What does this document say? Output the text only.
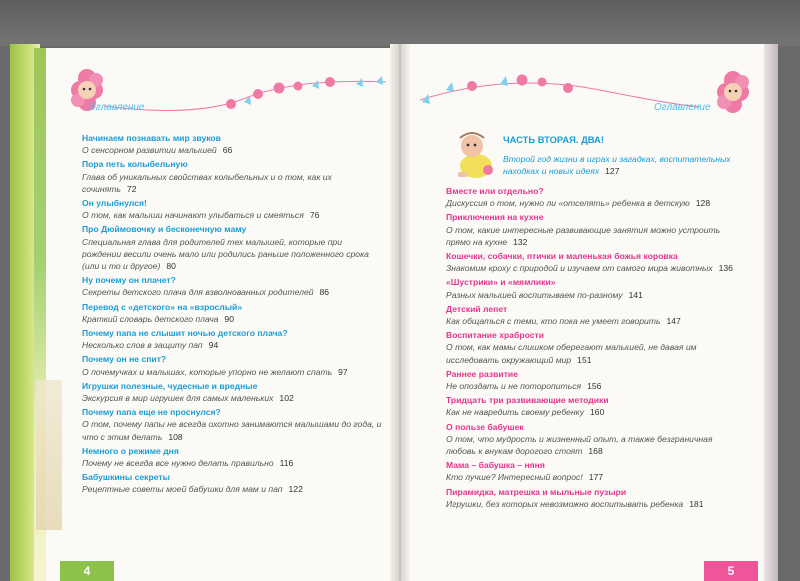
Оглавление	Оглавление
Начинаем познавать мир звуков
О сенсорном развитии малышей 66
Пора петь колыбельную
Глава об уникальных свойствах колыбельных и о том, как их сочинять 72
Он улыбнулся!
О том, как малыши начинают улыбаться и смеяться 76
Про Дюймовочку и бесконечную маму
Специальная глава для родителей тех малышей, которые при рождении весили очень мало или родились раньше положенного срока (или и то и другое) 80
Ну почему он плачет?
Секреты детского плача для взволнованных родителей 86
Перевод с «детского» на «взрослый»
Краткий словарь детского плача 90
Почему папа не слышит ночью детского плача?
Несколько слов в защиту пап 94
Почему он не спит?
О почемучках и малышах, которые упорно не желают спать 97
Игрушки полезные, чудесные и вредные
Экскурсия в мир игрушек для самых маленьких 102
Почему папа еще не проснулся?
О том, почему папы не всегда охотно занимаются малышами до года, и что с этим делать 108
Немного о режиме дня
Почему не всегда все нужно делать правильно 116
Бабушкины секреты
Рецептные советы моей бабушки для мам и пап 122
ЧАСТЬ ВТОРАЯ. ДВА!
Второй год жизни в играх и загадках, воспитательных находках и новых идеях 127
Вместе или отдельно?
Дискуссия о том, нужно ли «отселять» ребенка в детскую 128
Приключения на кухне
О том, какие интересные развивающие занятия можно устроить прямо на кухне 132
Кошечки, собачки, птички и маленькая божья коровка
Знакомим кроху с природой и изучаем от самого мира животных 136
«Шустрики» и «мямлики»
Разных малышей воспитываем по-разному 141
Детский лепет
Как общаться с теми, кто пока не умеет говорить 147
Воспитание храбрости
О том, как мамы слишком оберегают малышей, не давая им исследовать окружающий мир 151
Раннее развитие
Не опоздать и не поторопиться 156
Тридцать три развивающие методики
Как не навредить своему ребенку 160
О пользе бабушек
О том, что мудрость и жизненный опыт, а также безграничная любовь к внукам дорогого стоят 168
Мама – бабушка – няня
Кто лучше? Интересный вопрос! 177
Пирамидка, матрешка и мыльные пузыри
Игрушки, без которых невозможно воспитывать ребенка 181
4	5
